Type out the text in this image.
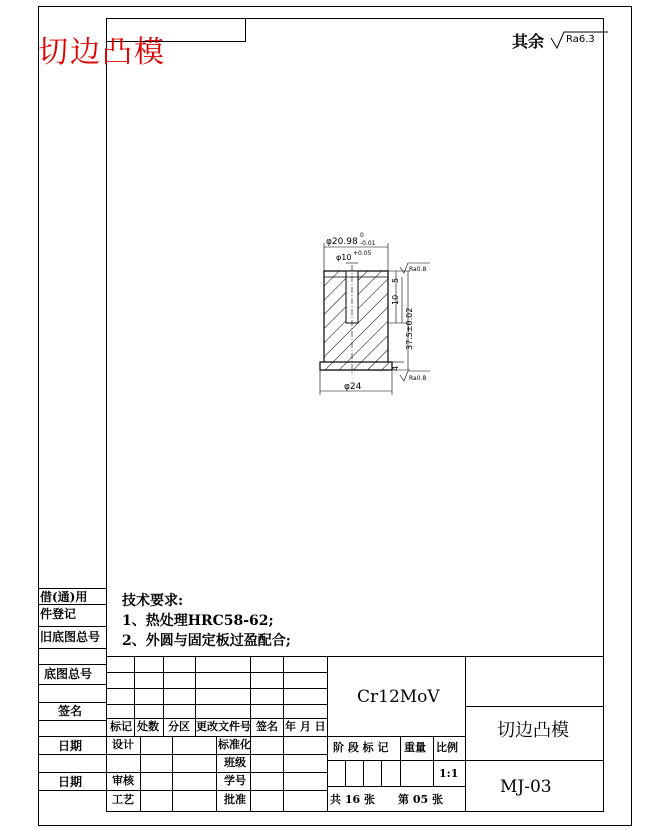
切边凸模	其余 Ra6.3
φ20.98
0
-0.01
φ10 +0.05
5
10
37.5±0.02
4
φ24
Ra0.8
Ra0.8
技术要求:
1、热处理HRC58-62;
2、外圆与固定板过盈配合;
借(通)用
件登记
旧底图总号
底图总号
签名
日期
日期
标记 处数 分区 更改文件号 签名 年 月 日
设计	标准化
班级
审核	学号
工艺	批准
Cr12MoV
阶 段 标 记 重量 比例
1:1
共 16 张 第 05 张
切边凸模
MJ-03
